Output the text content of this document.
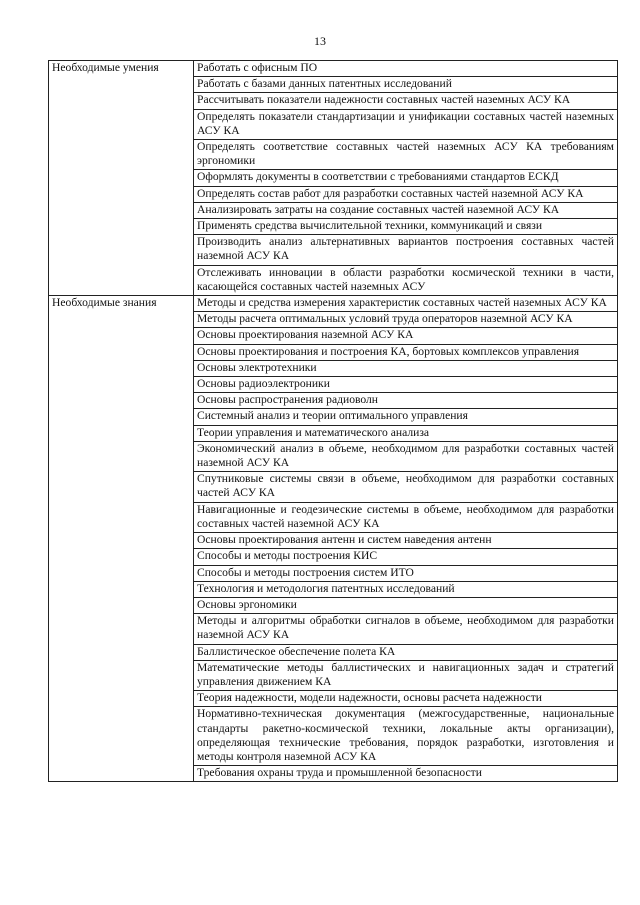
13
Необходимые умения	Работать с офисным ПО
	Работать с базами данных патентных исследований
	Рассчитывать показатели надежности составных частей наземных АСУ КА
	Определять показатели стандартизации и унификации составных частей наземных АСУ КА
	Определять соответствие составных частей наземных АСУ КА требованиям эргономики
	Оформлять документы в соответствии с требованиями стандартов ЕСКД
	Определять состав работ для разработки составных частей наземной АСУ КА
	Анализировать затраты на создание составных частей наземной АСУ КА
	Применять средства вычислительной техники, коммуникаций и связи
	Производить анализ альтернативных вариантов построения составных частей наземной АСУ КА
	Отслеживать инновации в области разработки космической техники в части, касающейся составных частей наземных АСУ
Необходимые знания	Методы и средства измерения характеристик составных частей наземных АСУ КА
	Методы расчета оптимальных условий труда операторов наземной АСУ КА
	Основы проектирования наземной АСУ КА
	Основы проектирования и построения КА, бортовых комплексов управления
	Основы электротехники
	Основы радиоэлектроники
	Основы распространения радиоволн
	Системный анализ и теории оптимального управления
	Теории управления и математического анализа
	Экономический анализ в объеме, необходимом для разработки составных частей наземной АСУ КА
	Спутниковые системы связи в объеме, необходимом для разработки составных частей АСУ КА
	Навигационные и геодезические системы в объеме, необходимом для разработки составных частей наземной АСУ КА
	Основы проектирования антенн и систем наведения антенн
	Способы и методы построения КИС
	Способы и методы построения систем ИТО
	Технология и методология патентных исследований
	Основы эргономики
	Методы и алгоритмы обработки сигналов в объеме, необходимом для разработки наземной АСУ КА
	Баллистическое обеспечение полета КА
	Математические методы баллистических и навигационных задач и стратегий управления движением КА
	Теория надежности, модели надежности, основы расчета надежности
	Нормативно-техническая документация (межгосударственные, национальные стандарты ракетно-космической техники, локальные акты организации), определяющая технические требования, порядок разработки, изготовления и методы контроля наземной АСУ КА
	Требования охраны труда и промышленной безопасности
